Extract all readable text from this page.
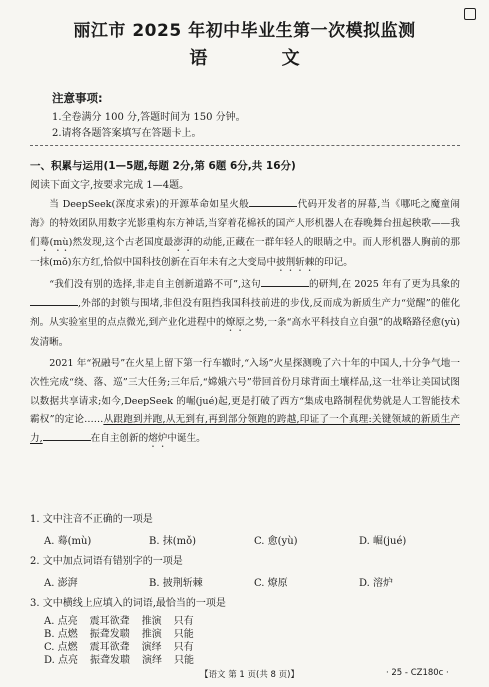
丽江市 2025 年初中毕业生第一次模拟监测
语 文
注意事项:
1.全卷满分 100 分,答题时间为 150 分钟。
2.请将各题答案填写在答题卡上。
一、积累与运用(1—5题,每题 2分,第 6题 6分,共 16分)
阅读下面文字,按要求完成 1—4题。

当 DeepSeek(深度求索)的开源革命如星火般	代码开发者的屏幕,当《哪吒之魔童闹海》的特效团队用数字光影重构东方神话,当穿着花棉袄的国产人形机器人在春晚舞台扭起秧歌——我们蓦(mù)然发现,这个古老国度最澎湃的动能,正藏在一群年轻人的眼睛之中。而人形机器人胸前的那一抹(mǒ)东方红,恰似中国科技创新在百年未有之大变局中披荆斩棘的印记。

“我们没有别的选择,非走自主创新道路不可”,这句	的研判,在 2025 年有了更为具象的,外部的封锁与围堵,非但没有阻挡我国科技前进的步伐,反而成为新质生产力“觉醒”的催化剂。从实验室里的点点微光,到产业化进程中的燎原之势,一条“高水平科技自立自强”的战略路径愈(yù)发清晰。

2021 年“祝融号”在火星上留下第一行车辙时,“入场”火星探测晚了六十年的中国人,十分争气地一次性完成“绕、落、巡”三大任务;三年后,“嫦娥六号”带回首份月球背面土壤样品,这一壮举让美国试图以数据共享请求;如今,DeepSeek 的崛(jué)起,更是打破了西方“集成电路制程优势就是人工智能技术霸权”的定论……从跟跑到并跑,从无到有,再到部分领跑的跨越,印证了一个真理:关键领域的新质生产力,	在自主创新的熔炉中诞生。

1. 文中注音不正确的一项是
A. 蓦(mù)	B. 抹(mǒ)	C. 愈(yù)	D. 崛(jué)
2. 文中加点词语有错别字的一项是
A. 澎湃	B. 披荆斩棘	C. 燎原	D. 溶炉
3. 文中横线上应填入的词语,最恰当的一项是
A. 点亮 震耳欲聋 推演 只有
B. 点燃 振聋发聩 推演 只能
C. 点燃 震耳欲聋 演绎 只有
D. 点亮 振聋发聩 演绎 只能
【语文 第 1 页(共 8 页)】	· 25 - CZ180c ·
